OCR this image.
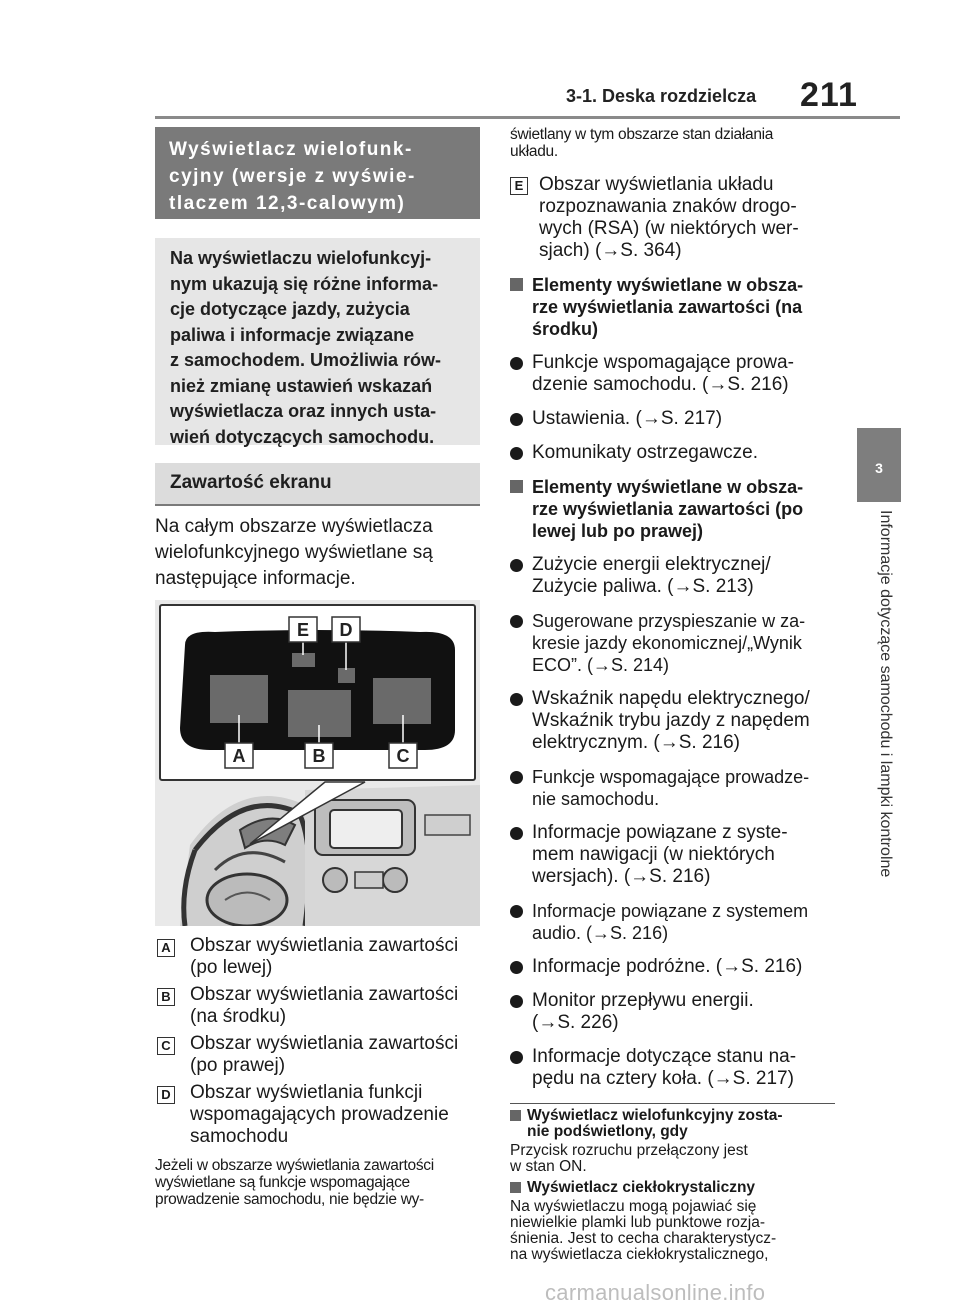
3-1. Deska rozdzielcza 211
3
Informacje dotyczące samochodu i lampki kontrolne
Wyświetlacz wielofunk-
cyjny (wersje z wyświe-
tlaczem 12,3-calowym)
Na wyświetlaczu wielofunkcyj-
nym ukazują się różne informa-
cje dotyczące jazdy, zużycia
paliwa i informacje związane
z samochodem. Umożliwia rów-
nież zmianę ustawień wskazań
wyświetlacza oraz innych usta-
wień dotyczących samochodu.
Zawartość ekranu
Na całym obszarze wyświetlacza
wielofunkcyjnego wyświetlane są
następujące informacje.
A	B	C
E D
A	Obszar wyświetlania zawartości
(po lewej)
B	Obszar wyświetlania zawartości
(na środku)
C	Obszar wyświetlania zawartości
(po prawej)
D	Obszar wyświetlania funkcji
wspomagających prowadzenie
samochodu
Jeżeli w obszarze wyświetlania zawartości
wyświetlane są funkcje wspomagające
prowadzenie samochodu, nie będzie wy-
świetlany w tym obszarze stan działania
układu.
E Obszar wyświetlania układu
rozpoznawania znaków drogo-
wych (RSA) (w niektórych wer-
sjach) (→S. 364)
Elementy wyświetlane w obsza-
rze wyświetlania zawartości (na
środku)
Funkcje wspomagające prowa-
dzenie samochodu. (→S. 216)
Ustawienia. (→S. 217)
Komunikaty ostrzegawcze.
Elementy wyświetlane w obsza-
rze wyświetlania zawartości (po
lewej lub po prawej)
Zużycie energii elektrycznej/
Zużycie paliwa. (→S. 213)
Sugerowane przyspieszanie w za-
kresie jazdy ekonomicznej/„Wynik
ECO”. (→S. 214)
Wskaźnik napędu elektrycznego/
Wskaźnik trybu jazdy z napędem
elektrycznym. (→S. 216)
Funkcje wspomagające prowadze-
nie samochodu.
Informacje powiązane z syste-
mem nawigacji (w niektórych
wersjach). (→S. 216)
Informacje powiązane z systemem
audio. (→S. 216)
Informacje podróżne. (→S. 216)
Monitor przepływu energii.
(→S. 226)
Informacje dotyczące stanu na-
pędu na cztery koła. (→S. 217)
Wyświetlacz wielofunkcyjny zosta-
nie podświetlony, gdy
Przycisk rozruchu przełączony jest
w stan ON.
Wyświetlacz ciekłokrystaliczny
Na wyświetlaczu mogą pojawiać się
niewielkie plamki lub punktowe rozja-
śnienia. Jest to cecha charakterystycz-
na wyświetlacza ciekłokrystalicznego,
carmanualsonline.info
